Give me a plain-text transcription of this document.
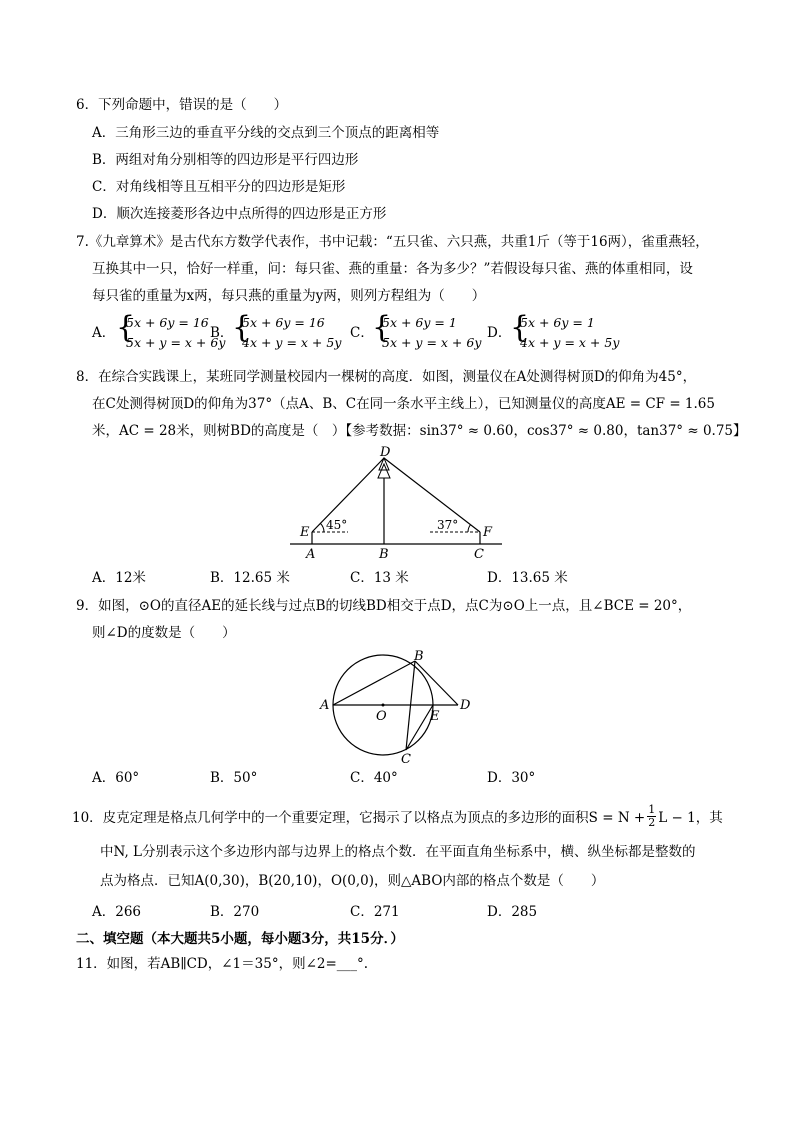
6．下列命题中，错误的是（　　）
A．三角形三边的垂直平分线的交点到三个顶点的距离相等
B．两组对角分别相等的四边形是平行四边形
C．对角线相等且互相平分的四边形是矩形
D．顺次连接菱形各边中点所得的四边形是正方形
7.《九章算术》是古代东方数学代表作，书中记载：“五只雀、六只燕，共重1斤（等于16两），雀重燕轻，
互换其中一只，恰好一样重，问：每只雀、燕的重量：各为多少？”若假设每只雀、燕的体重相同，设
每只雀的重量为x两，每只燕的重量为y两，则列方程组为（　　）
A． {
5x + 6y = 16
5x + y = x + 6y
B．
{
5x + 6y = 16
4x + y = x + 5y
C．
{
5x + 6y = 1
5x + y = x + 6y
D．
{
5x + 6y = 1
4x + y = x + 5y
8．在综合实践课上，某班同学测量校园内一棵树的高度．如图，测量仪在A处测得树顶D的仰角为45°，
在C处测得树顶D的仰角为37°（点A、B、C在同一条水平主线上），已知测量仪的高度AE = CF = 1.65
米，AC = 28米，则树BD的高度是（　）【参考数据：sin37° ≈ 0.60，cos37° ≈ 0.80，tan37° ≈ 0.75】
D
E	F
A	B	C
45°	37°
A．12米	B．12.65 米	C．13 米	D．13.65 米
9．如图，⊙O的直径AE的延长线与过点B的切线BD相交于点D，点C为⊙O上一点，且∠BCE = 20°，
则∠D的度数是（　　）
A
B
O	E
D
C
A．60°	B．50°	C．40°	D．30°
10．皮克定理是格点几何学中的一个重要定理，它揭示了以格点为顶点的多边形的面积$S = N + \frac{1}{2}$ L − 1，其
中N, L分别表示这个多边形内部与边界上的格点个数．在平面直角坐标系中，横、纵坐标都是整数的
点为格点．已知A(0,30)，B(20,10)，O(0,0)，则△ABO内部的格点个数是（　　）
A．266	B．270	C．271	D．285
二、填空题（本大题共5小题，每小题3分，共15分．）
11．如图，若AB∥CD，∠1＝35°，则∠2=___°.
